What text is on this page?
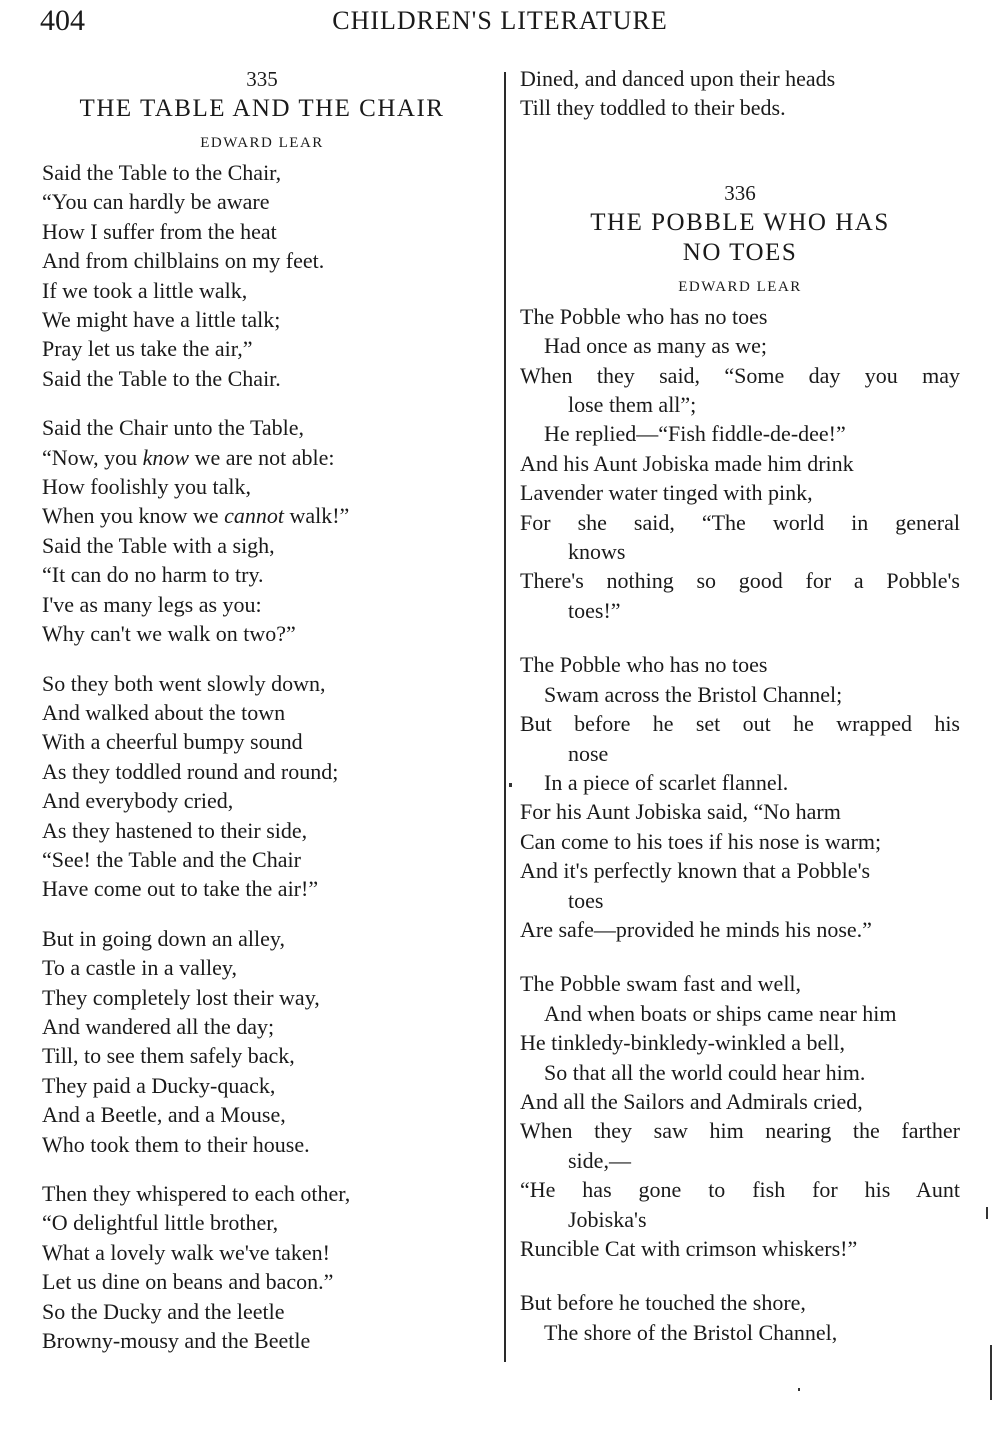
404	CHILDREN'S LITERATURE
335
THE TABLE AND THE CHAIR
EDWARD LEAR
Said the Table to the Chair,
“You can hardly be aware
How I suffer from the heat
And from chilblains on my feet.
If we took a little walk,
We might have a little talk;
Pray let us take the air,”
Said the Table to the Chair.
Said the Chair unto the Table,
“Now, you know we are not able:
How foolishly you talk,
When you know we cannot walk!”
Said the Table with a sigh,
“It can do no harm to try.
I've as many legs as you:
Why can't we walk on two?”
So they both went slowly down,
And walked about the town
With a cheerful bumpy sound
As they toddled round and round;
And everybody cried,
As they hastened to their side,
“See! the Table and the Chair
Have come out to take the air!”
But in going down an alley,
To a castle in a valley,
They completely lost their way,
And wandered all the day;
Till, to see them safely back,
They paid a Ducky-quack,
And a Beetle, and a Mouse,
Who took them to their house.
Then they whispered to each other,
“O delightful little brother,
What a lovely walk we've taken!
Let us dine on beans and bacon.”
So the Ducky and the leetle
Browny-mousy and the Beetle
Dined, and danced upon their heads
Till they toddled to their beds.
336
THE POBBLE WHO HAS
NO TOES
EDWARD LEAR
The Pobble who has no toes
Had once as many as we;
When they said, “Some day you may
lose them all”;
He replied—“Fish fiddle-de-dee!”
And his Aunt Jobiska made him drink
Lavender water tinged with pink,
For she said, “The world in general
knows
There's nothing so good for a Pobble's
toes!”
The Pobble who has no toes
Swam across the Bristol Channel;
But before he set out he wrapped his
nose
In a piece of scarlet flannel.
For his Aunt Jobiska said, “No harm
Can come to his toes if his nose is warm;
And it's perfectly known that a Pobble's
toes
Are safe—provided he minds his nose.”
The Pobble swam fast and well,
And when boats or ships came near him
He tinkledy-binkledy-winkled a bell,
So that all the world could hear him.
And all the Sailors and Admirals cried,
When they saw him nearing the farther
side,—
“He has gone to fish for his Aunt
Jobiska's
Runcible Cat with crimson whiskers!”
But before he touched the shore,
The shore of the Bristol Channel,
